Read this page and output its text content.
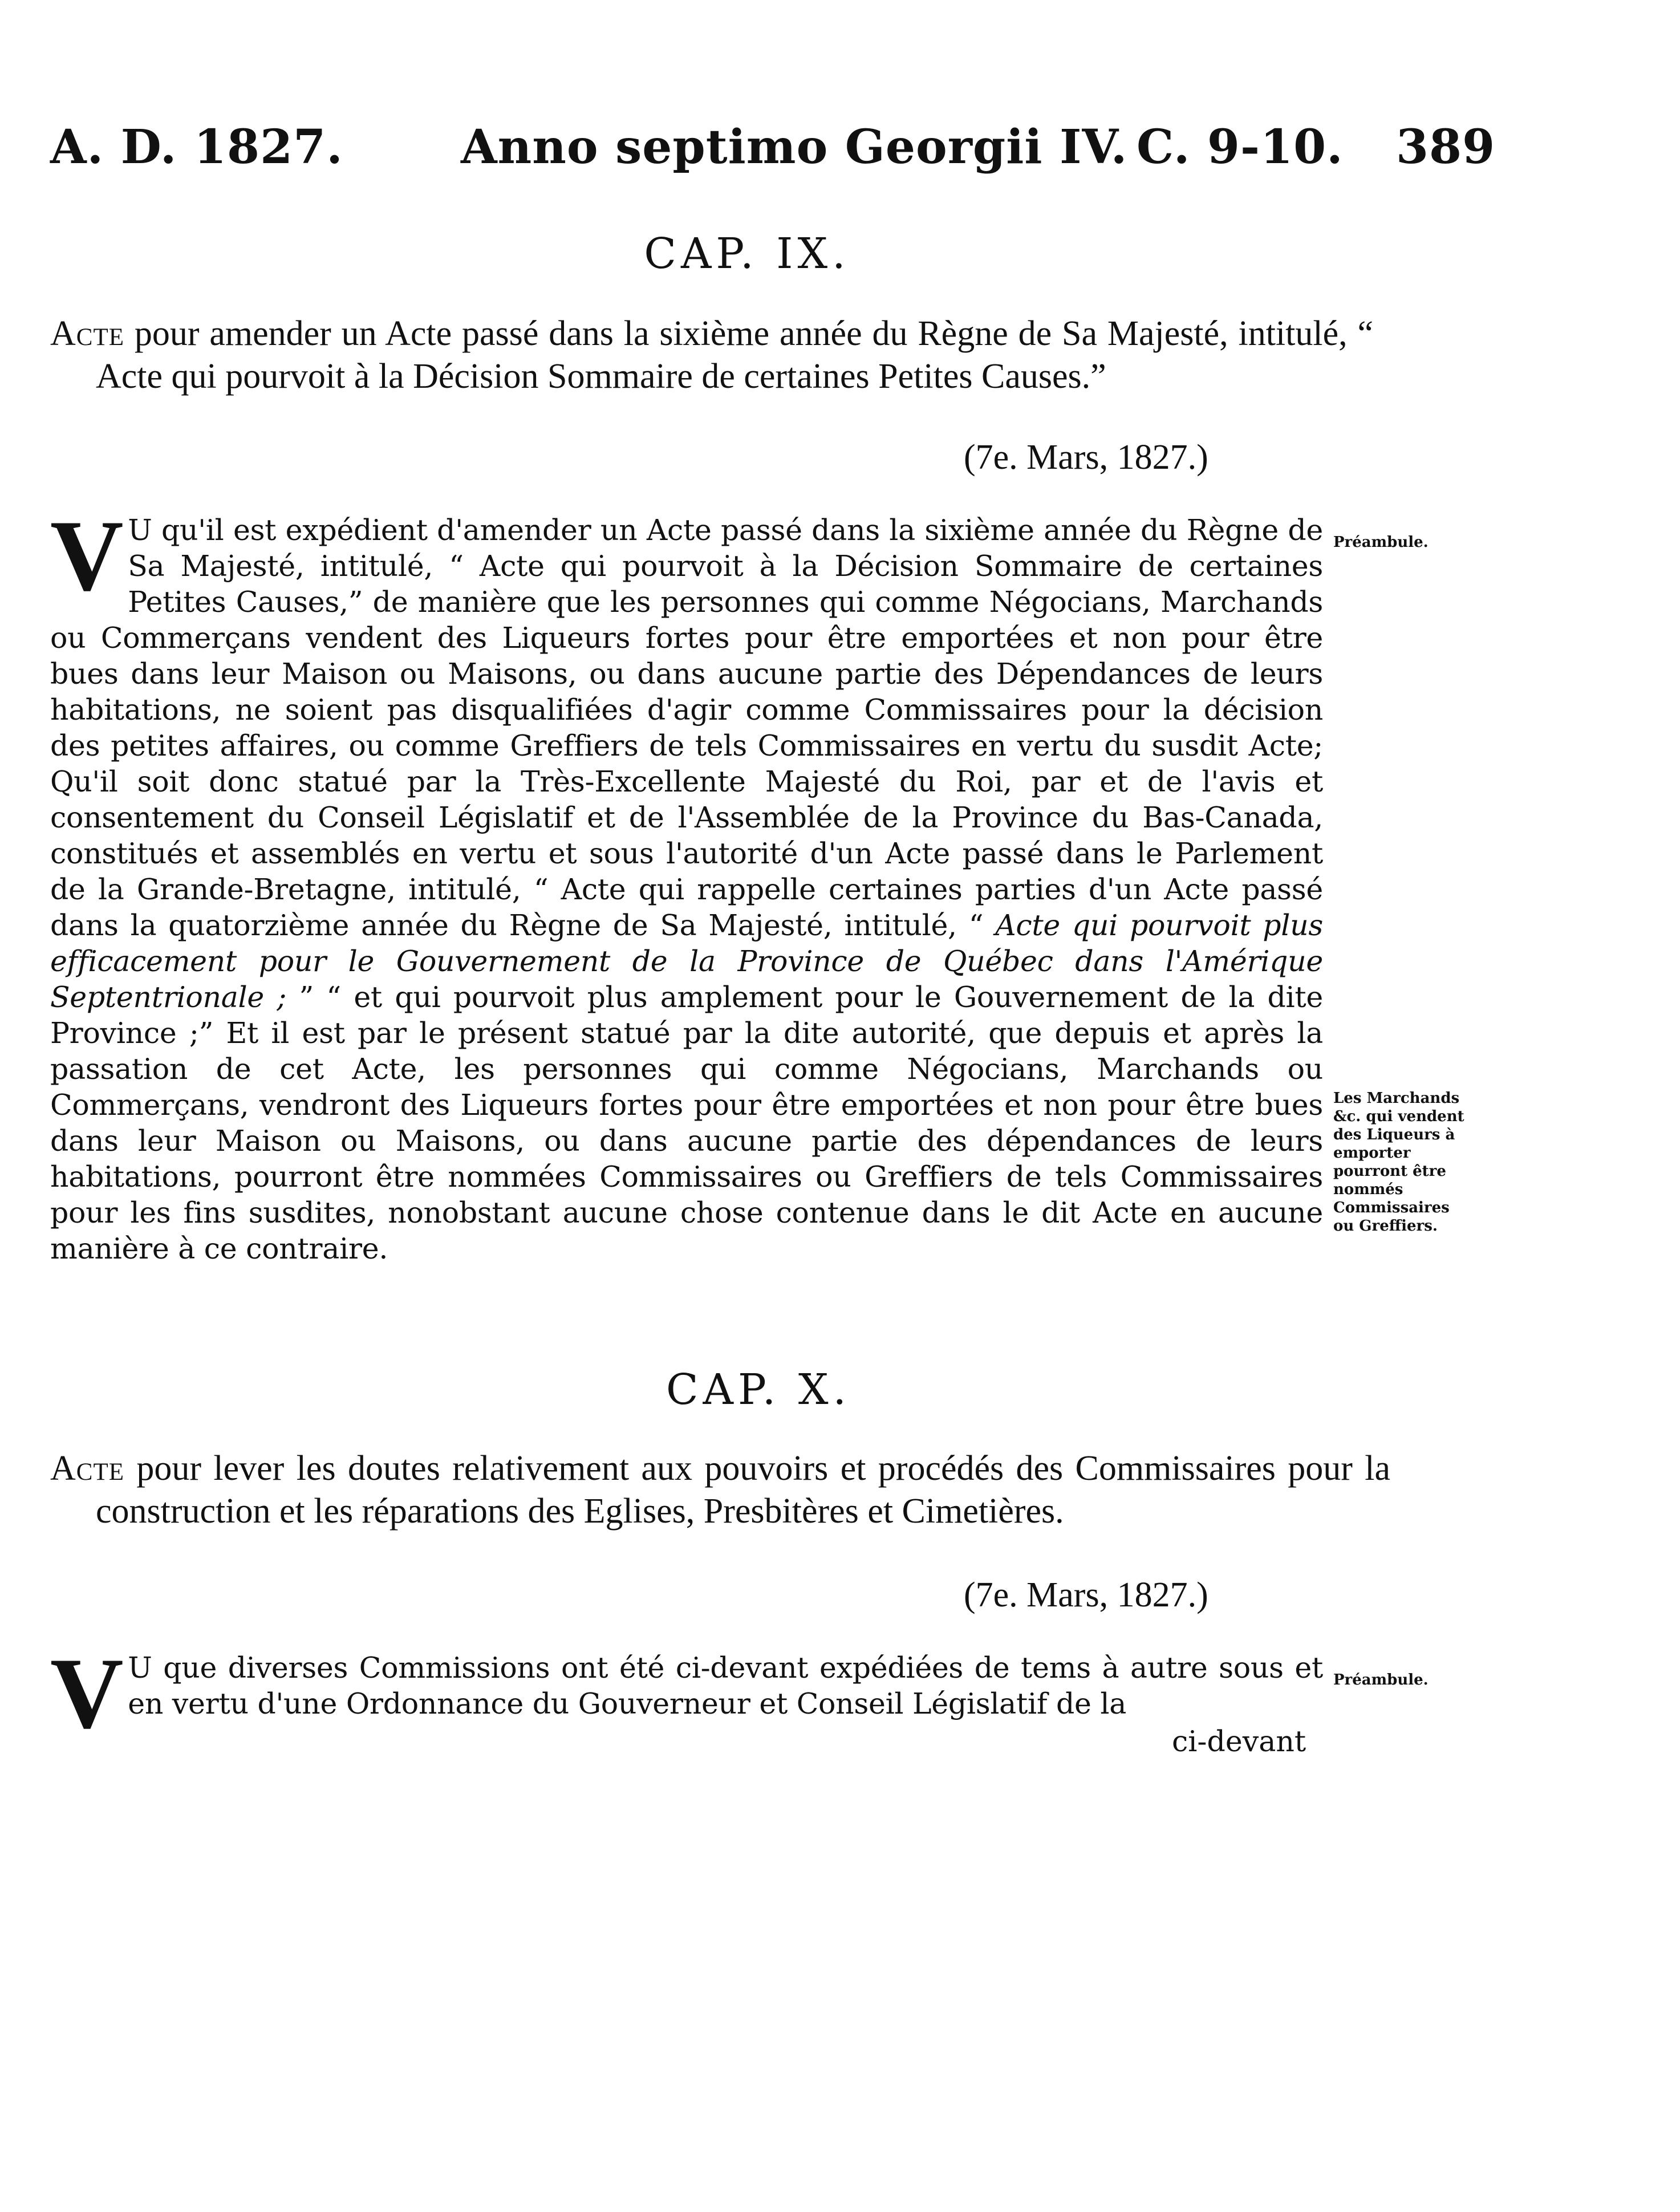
A. D. 1827.	Anno septimo Georgii IV. C. 9-10. 389
CAP. IX.
Acte pour amender un Acte passé dans la sixième année du Règne de Sa Majesté, intitulé, “ Acte qui pourvoit à la Décision Sommaire de certaines Petites Causes.”
(7e. Mars, 1827.)
V U qu'il est expédient d'amender un Acte passé dans la sixième année du Règne de Sa Majesté, intitulé, “ Acte qui pourvoit à la Décision Sommaire de certaines Petites Causes,” de manière que les personnes qui comme Négocians, Marchands ou Commerçans vendent des Liqueurs fortes pour être emportées et non pour être bues dans leur Maison ou Maisons, ou dans aucune partie des Dépendances de leurs habitations, ne soient pas disqualifiées d'agir comme Commissaires pour la décision des petites affaires, ou comme Greffiers de tels Commissaires en vertu du susdit Acte; Qu'il soit donc statué par la Très-Excellente Majesté du Roi, par et de l'avis et consentement du Conseil Législatif et de l'Assemblée de la Province du Bas-Canada, constitués et assemblés en vertu et sous l'autorité d'un Acte passé dans le Parlement de la Grande-Bretagne, intitulé, “ Acte qui rappelle certaines parties d'un Acte passé dans la quatorzième année du Règne de Sa Majesté, intitulé, “ Acte qui pourvoit plus efficacement pour le Gouvernement de la Province de Québec dans l'Amérique Septentrionale ; ” “ et qui pourvoit plus amplement pour le Gouvernement de la dite Province ;” Et il est par le présent statué par la dite autorité, que depuis et après la passation de cet Acte, les personnes qui comme Négocians, Marchands ou Commerçans, vendront des Liqueurs fortes pour être emportées et non pour être bues dans leur Maison ou Maisons, ou dans aucune partie des dépendances de leurs habitations, pourront être nommées Commissaires ou Greffiers de tels Commissaires pour les fins susdites, nonobstant aucune chose contenue dans le dit Acte en aucune manière à ce contraire.
Préambule.
Les Marchands &c. qui vendent des Liqueurs à emporter pourront être nommés Commissaires ou Greffiers.
CAP. X.
Acte pour lever les doutes relativement aux pouvoirs et procédés des Commissaires pour la construction et les réparations des Eglises, Presbitères et Cimetières.
(7e. Mars, 1827.)
V U que diverses Commissions ont été ci-devant expédiées de tems à autre sous et en vertu d'une Ordonnance du Gouverneur et Conseil Législatif de la
ci-devant
Préambule.
